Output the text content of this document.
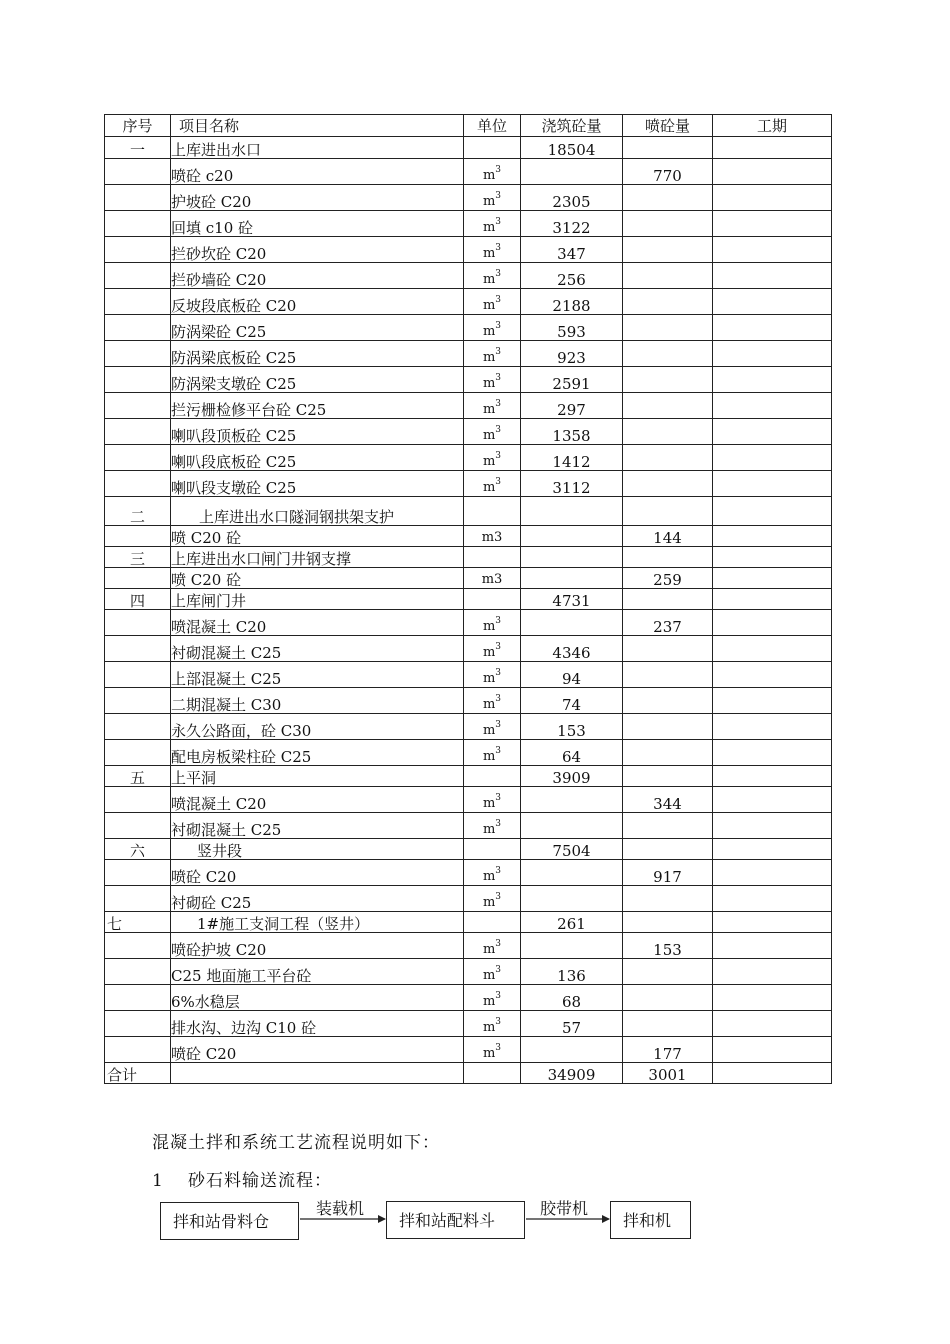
序号	项目名称	单位	浇筑砼量	喷砼量	工期
一	上库进出水口		18504		
	喷砼 c20	$m^3$		770	
	护坡砼 C20	$m^3$	2305		
	回填 c10 砼	$m^3$	3122		
	拦砂坎砼 C20	$m^3$	347		
	拦砂墙砼 C20	$m^3$	256		
	反坡段底板砼 C20	$m^3$	2188		
	防涡梁砼 C25	$m^3$	593		
	防涡梁底板砼 C25	$m^3$	923		
	防涡梁支墩砼 C25	$m^3$	2591		
	拦污栅检修平台砼 C25	$m^3$	297		
	喇叭段顶板砼 C25	$m^3$	1358		
	喇叭段底板砼 C25	$m^3$	1412		
	喇叭段支墩砼 C25	$m^3$	3112		
二	上库进出水口隧洞钢拱架支护				
	喷 C20 砼	m3		144	
三	上库进出水口闸门井钢支撑				
	喷 C20 砼	m3		259	
四	上库闸门井		4731		
	喷混凝土 C20	$m^3$		237	
	衬砌混凝土 C25	$m^3$	4346		
	上部混凝土 C25	$m^3$	94		
	二期混凝土 C30	$m^3$	74		
	永久公路面，砼 C30	$m^3$	153		
	配电房板梁柱砼 C25	$m^3$	64		
五	上平洞		3909		
	喷混凝土 C20	$m^3$		344	
	衬砌混凝土 C25	$m^3$			
六	竖井段		7504		
	喷砼 C20	$m^3$		917	
	衬砌砼 C25	$m^3$			
七	1#施工支洞工程（竖井）		261		
	喷砼护坡 C20	$m^3$		153	
	C25 地面施工平台砼	$m^3$	136		
	6%水稳层	$m^3$	68		
	排水沟、边沟 C10 砼	$m^3$	57		
	喷砼 C20	$m^3$		177	
合计			34909	3001	
混凝土拌和系统工艺流程说明如下：
1 砂石料输送流程：
拌和站骨料仓	拌和站配料斗	拌和机
装载机	胶带机
